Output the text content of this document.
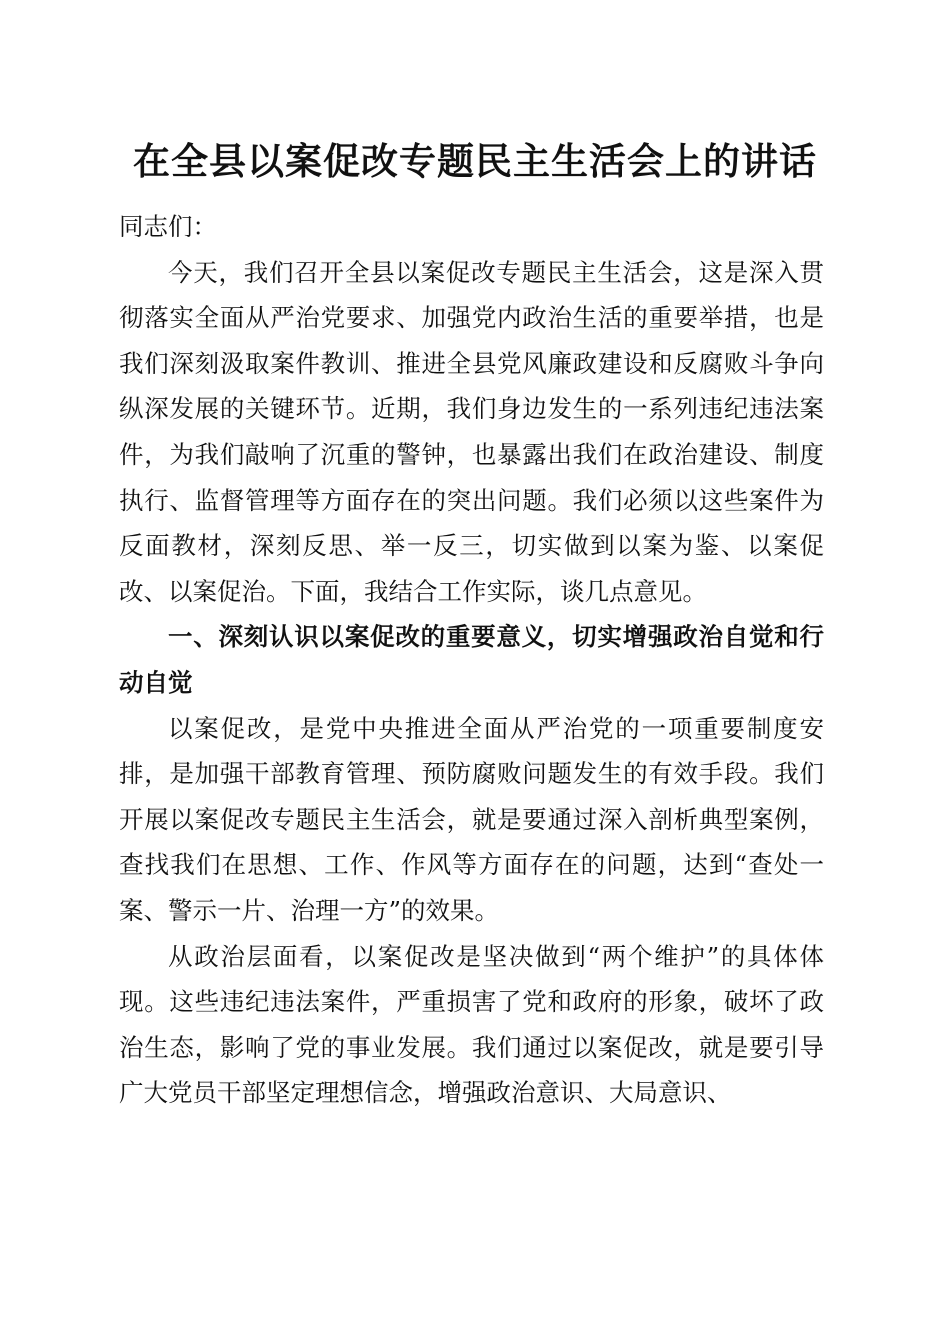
在全县以案促改专题民主生活会上的讲话

同志们：

今天，我们召开全县以案促改专题民主生活会，这是深入贯彻落实全面从严治党要求、加强党内政治生活的重要举措，也是我们深刻汲取案件教训、推进全县党风廉政建设和反腐败斗争向纵深发展的关键环节。近期，我们身边发生的一系列违纪违法案件，为我们敲响了沉重的警钟，也暴露出我们在政治建设、制度执行、监督管理等方面存在的突出问题。我们必须以这些案件为反面教材，深刻反思、举一反三，切实做到以案为鉴、以案促改、以案促治。下面，我结合工作实际，谈几点意见。

一、深刻认识以案促改的重要意义，切实增强政治自觉和行动自觉

以案促改，是党中央推进全面从严治党的一项重要制度安排，是加强干部教育管理、预防腐败问题发生的有效手段。我们开展以案促改专题民主生活会，就是要通过深入剖析典型案例，查找我们在思想、工作、作风等方面存在的问题，达到“查处一案、警示一片、治理一方”的效果。

从政治层面看，以案促改是坚决做到“两个维护”的具体体现。这些违纪违法案件，严重损害了党和政府的形象，破坏了政治生态，影响了党的事业发展。我们通过以案促改，就是要引导广大党员干部坚定理想信念，增强政治意识、大局意识、
